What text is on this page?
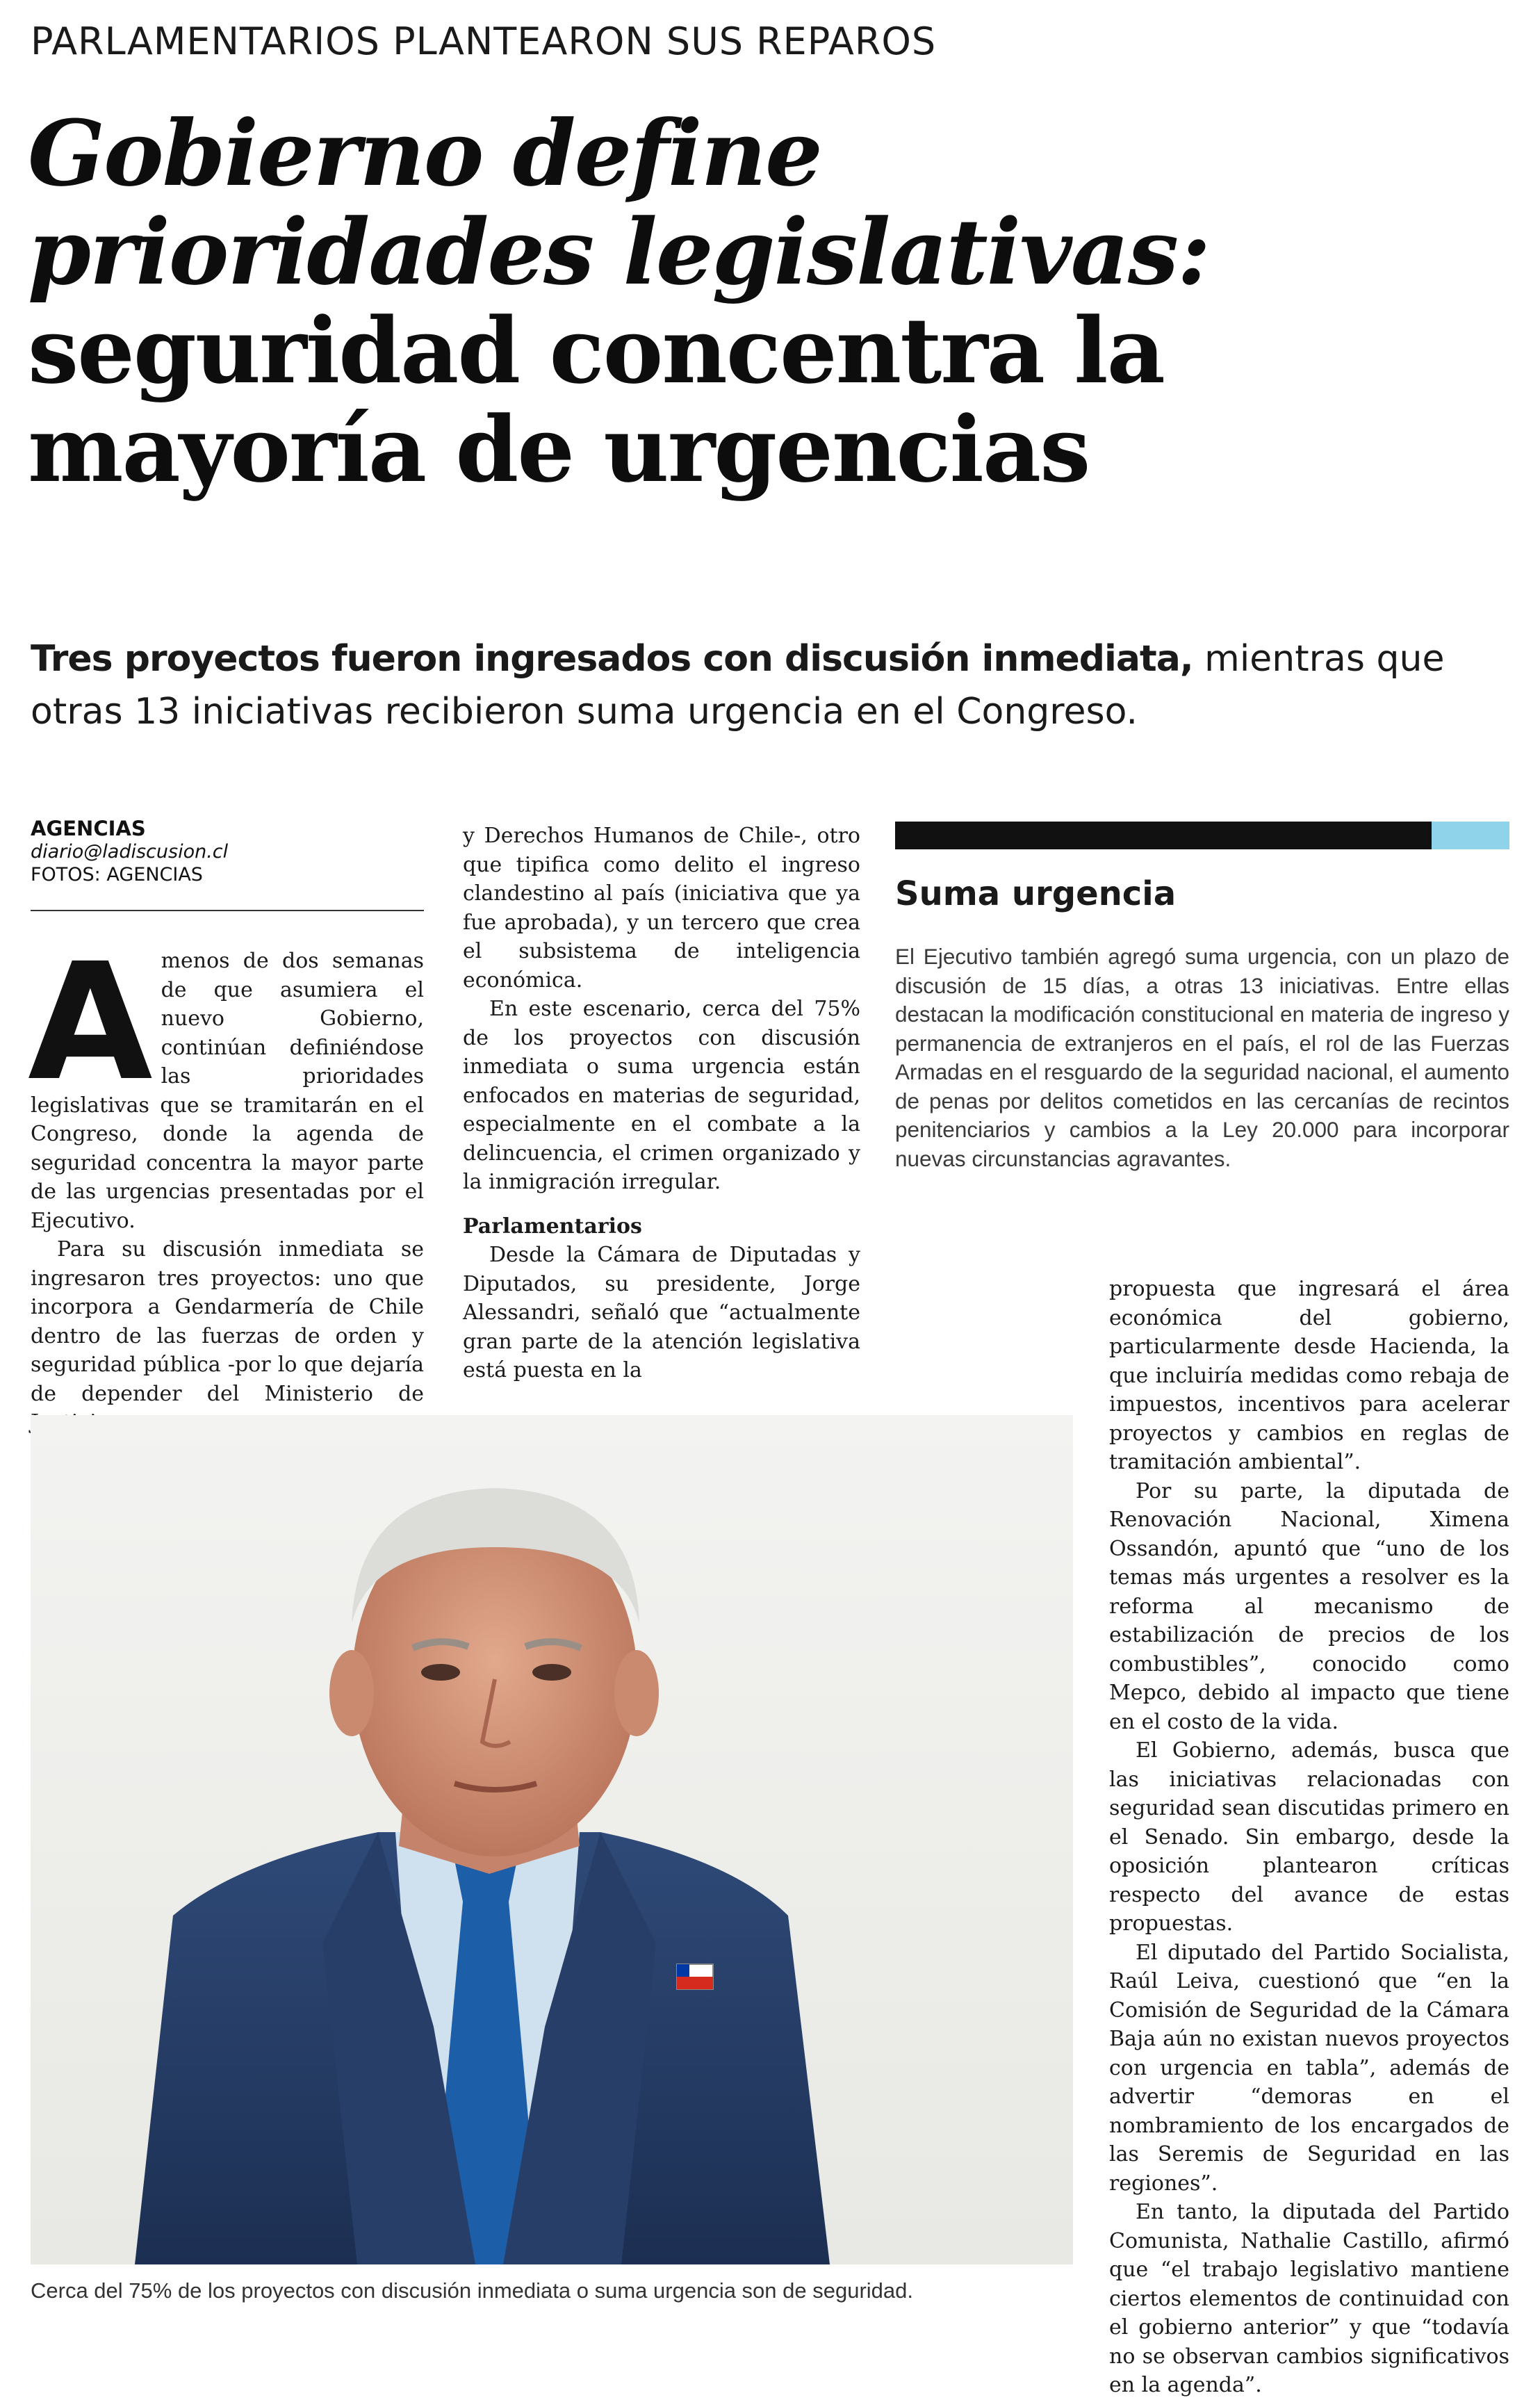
PARLAMENTARIOS PLANTEARON SUS REPAROS
Gobierno define
prioridades legislativas:
seguridad concentra la
mayoría de urgencias

Tres proyectos fueron ingresados con discusión inmediata, mientras que otras 13 iniciativas recibieron suma urgencia en el Congreso.

AGENCIAS
diario@ladiscusion.cl
FOTOS: AGENCIAS

Amenos de dos semanas de que asumiera el nuevo Gobierno, continúan definiéndose las prioridades legislativas que se tramitarán en el Congreso, donde la agenda de seguridad concentra la mayor parte de las urgencias presentadas por el Ejecutivo.

Para su discusión inmediata se ingresaron tres proyectos: uno que incorpora a Gendarmería de Chile dentro de las fuerzas de orden y seguridad pública -por lo que dejaría de depender del Ministerio de

y Derechos Humanos de Chile-, otro que tipifica como delito el ingreso clandestino al país (iniciativa que ya fue aprobada), y un tercero que crea el subsistema de inteligencia económica.

En este escenario, cerca del 75% de los proyectos con discusión inmediata o suma urgencia están enfocados en materias de seguridad, especialmente en el combate a la delincuencia, el crimen organizado y la inmigración irregular.

Parlamentarios

Desde la Cámara de Diputadas y Diputados, su presidente, Jorge Alessandri, señaló que “actualmente gran parte de la atención legislativa está puesta en la

Suma urgencia

El Ejecutivo también agregó suma urgencia, con un plazo de discusión de 15 días, a otras 13 iniciativas. Entre ellas destacan la modificación constitucional en materia de ingreso y permanencia de extranjeros en el país, el rol de las Fuerzas Armadas en el resguardo de la seguridad nacional, el aumento de penas por delitos cometidos en las cercanías de recintos penitenciarios y cambios a la Ley 20.000 para incorporar nuevas circunstancias agravantes.

propuesta que ingresará el área económica del gobierno, particularmente desde Hacienda, la que incluiría medidas como rebaja de impuestos, incentivos para acelerar proyectos y cambios en reglas de tramitación ambiental”.

Por su parte, la diputada de Renovación Nacional, Ximena Ossandón, apuntó que “uno de los temas más urgentes a resolver es la reforma al mecanismo de estabilización de precios de los combustibles”, conocido como Mepco, debido al impacto que tiene en el costo de la vida.

El Gobierno, además, busca que las iniciativas relacionadas con seguridad sean discutidas primero en el Senado. Sin embargo, desde la oposición plantearon críticas respecto del avance de estas propuestas.

El diputado del Partido Socialista, Raúl Leiva, cuestionó que “en la Comisión de Seguridad de la Cámara Baja aún no existan nuevos proyectos con urgencia en tabla”, además de advertir “demoras en el nombramiento de los encargados de las Seremis de Seguridad en las regiones”.

En tanto, la diputada del Partido Comunista, Nathalie Castillo, afirmó que “el trabajo legislativo mantiene ciertos elementos de continuidad con el gobierno anterior” y que “todavía no se observan cambios significativos en la agenda”.

Cerca del 75% de los proyectos con discusión inmediata o suma urgencia son de seguridad.
